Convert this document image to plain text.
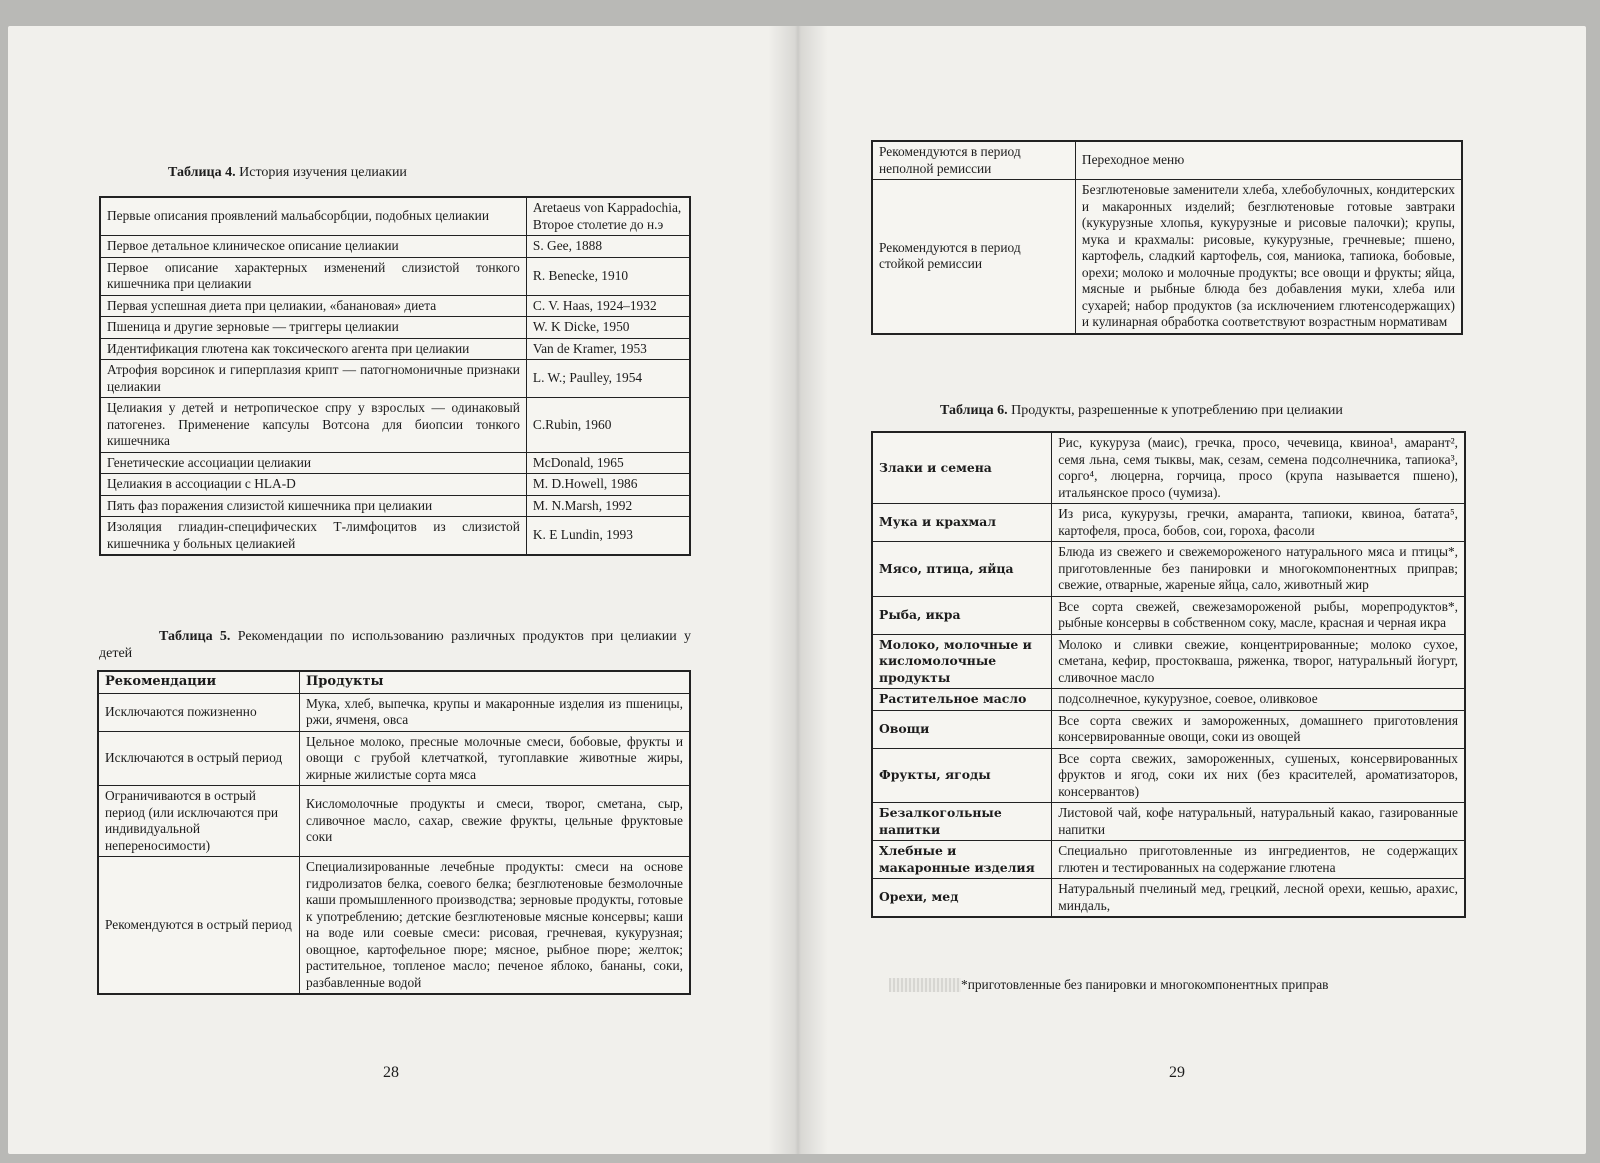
Таблица 4. История изучения целиакии
Первые описания проявлений мальабсорбции, подобных целиакии	Aretaeus von Kappadochia, Второе столетие до н.э
Первое детальное клиническое описание целиакии	S. Gee, 1888
Первое описание характерных изменений слизистой тонкого кишечника при целиакии	R. Benecke, 1910
Первая успешная диета при целиакии, «банановая» диета	C. V. Haas, 1924–1932
Пшеница и другие зерновые — триггеры целиакии	W. K Dicke, 1950
Идентификация глютена как токсического агента при целиакии	Van de Kramer, 1953
Атрофия ворсинок и гиперплазия крипт — патогномоничные признаки целиакии	L. W.; Paulley, 1954
Целиакия у детей и нетропическое спру у взрослых — одинаковый патогенез. Применение капсулы Вотсона для биопсии тонкого кишечника	C.Rubin, 1960
Генетические ассоциации целиакии	McDonald, 1965
Целиакия в ассоциации с HLA-D	M. D.Howell, 1986
Пять фаз поражения слизистой кишечника при целиакии	M. N.Marsh, 1992
Изоляция глиадин-специфических Т-лимфоцитов из слизистой кишечника у больных целиакией	K. E Lundin, 1993
Таблица 5. Рекомендации по использованию различных продуктов при целиакии у детей
Рекомендации	Продукты
Исключаются пожизненно	Мука, хлеб, выпечка, крупы и макаронные изделия из пшеницы, ржи, ячменя, овса
Исключаются в острый период	Цельное молоко, пресные молочные смеси, бобовые, фрукты и овощи с грубой клетчаткой, тугоплавкие животные жиры, жирные жилистые сорта мяса
Ограничиваются в острый период (или исключаются при индивидуальной непереносимости)	Кисломолочные продукты и смеси, творог, сметана, сыр, сливочное масло, сахар, свежие фрукты, цельные фруктовые соки
Рекомендуются в острый период	Специализированные лечебные продукты: смеси на основе гидролизатов белка, соевого белка; безглютеновые безмолочные каши промышленного производства; зерновые продукты, готовые к употреблению; детские безглютеновые мясные консервы; каши на воде или соевые смеси: рисовая, гречневая, кукурузная; овощное, картофельное пюре; мясное, рыбное пюре; желток; растительное, топленое масло; печеное яблоко, бананы, соки, разбавленные водой
28
Рекомендуются в период неполной ремиссии	Переходное меню
Рекомендуются в период стойкой ремиссии	Безглютеновые заменители хлеба, хлебобулочных, кондитерских и макаронных изделий; безглютеновые готовые завтраки (кукурузные хлопья, кукурузные и рисовые палочки); крупы, мука и крахмалы: рисовые, кукурузные, гречневые; пшено, картофель, сладкий картофель, соя, маниока, тапиока, бобовые, орехи; молоко и молочные продукты; все овощи и фрукты; яйца, мясные и рыбные блюда без добавления муки, хлеба или сухарей; набор продуктов (за исключением глютенсодержащих) и кулинарная обработка соответствуют возрастным нормативам
Таблица 6. Продукты, разрешенные к употреблению при целиакии
Злаки и семена	Рис, кукуруза (маис), гречка, просо, чечевица, квиноа¹, амарант², семя льна, семя тыквы, мак, сезам, семена подсолнечника, тапиока³, сорго⁴, люцерна, горчица, просо (крупа называется пшено), итальянское просо (чумиза).
Мука и крахмал	Из риса, кукурузы, гречки, амаранта, тапиоки, квиноа, батата⁵, картофеля, проса, бобов, сои, гороха, фасоли
Мясо, птица, яйца	Блюда из свежего и свежемороженого натурального мяса и птицы*, приготовленные без панировки и многокомпонентных приправ; свежие, отварные, жареные яйца, сало, животный жир
Рыба, икра	Все сорта свежей, свежезамороженой рыбы, морепродуктов*, рыбные консервы в собственном соку, масле, красная и черная икра
Молоко, молочные и кисломолочные продукты	Молоко и сливки свежие, концентрированные; молоко сухое, сметана, кефир, простокваша, ряженка, творог, натуральный йогурт, сливочное масло
Растительное масло	подсолнечное, кукурузное, соевое, оливковое
Овощи	Все сорта свежих и замороженных, домашнего приготовления консервированные овощи, соки из овощей
Фрукты, ягоды	Все сорта свежих, замороженных, сушеных, консервированных фруктов и ягод, соки их них (без красителей, ароматизаторов, консервантов)
Безалкогольные напитки	Листовой чай, кофе натуральный, натуральный какао, газированные напитки
Хлебные и макаронные изделия	Специально приготовленные из ингредиентов, не содержащих глютен и тестированных на содержание глютена
Орехи, мед	Натуральный пчелиный мед, грецкий, лесной орехи, кешью, арахис, миндаль,
*приготовленные без панировки и многокомпонентных приправ
29
